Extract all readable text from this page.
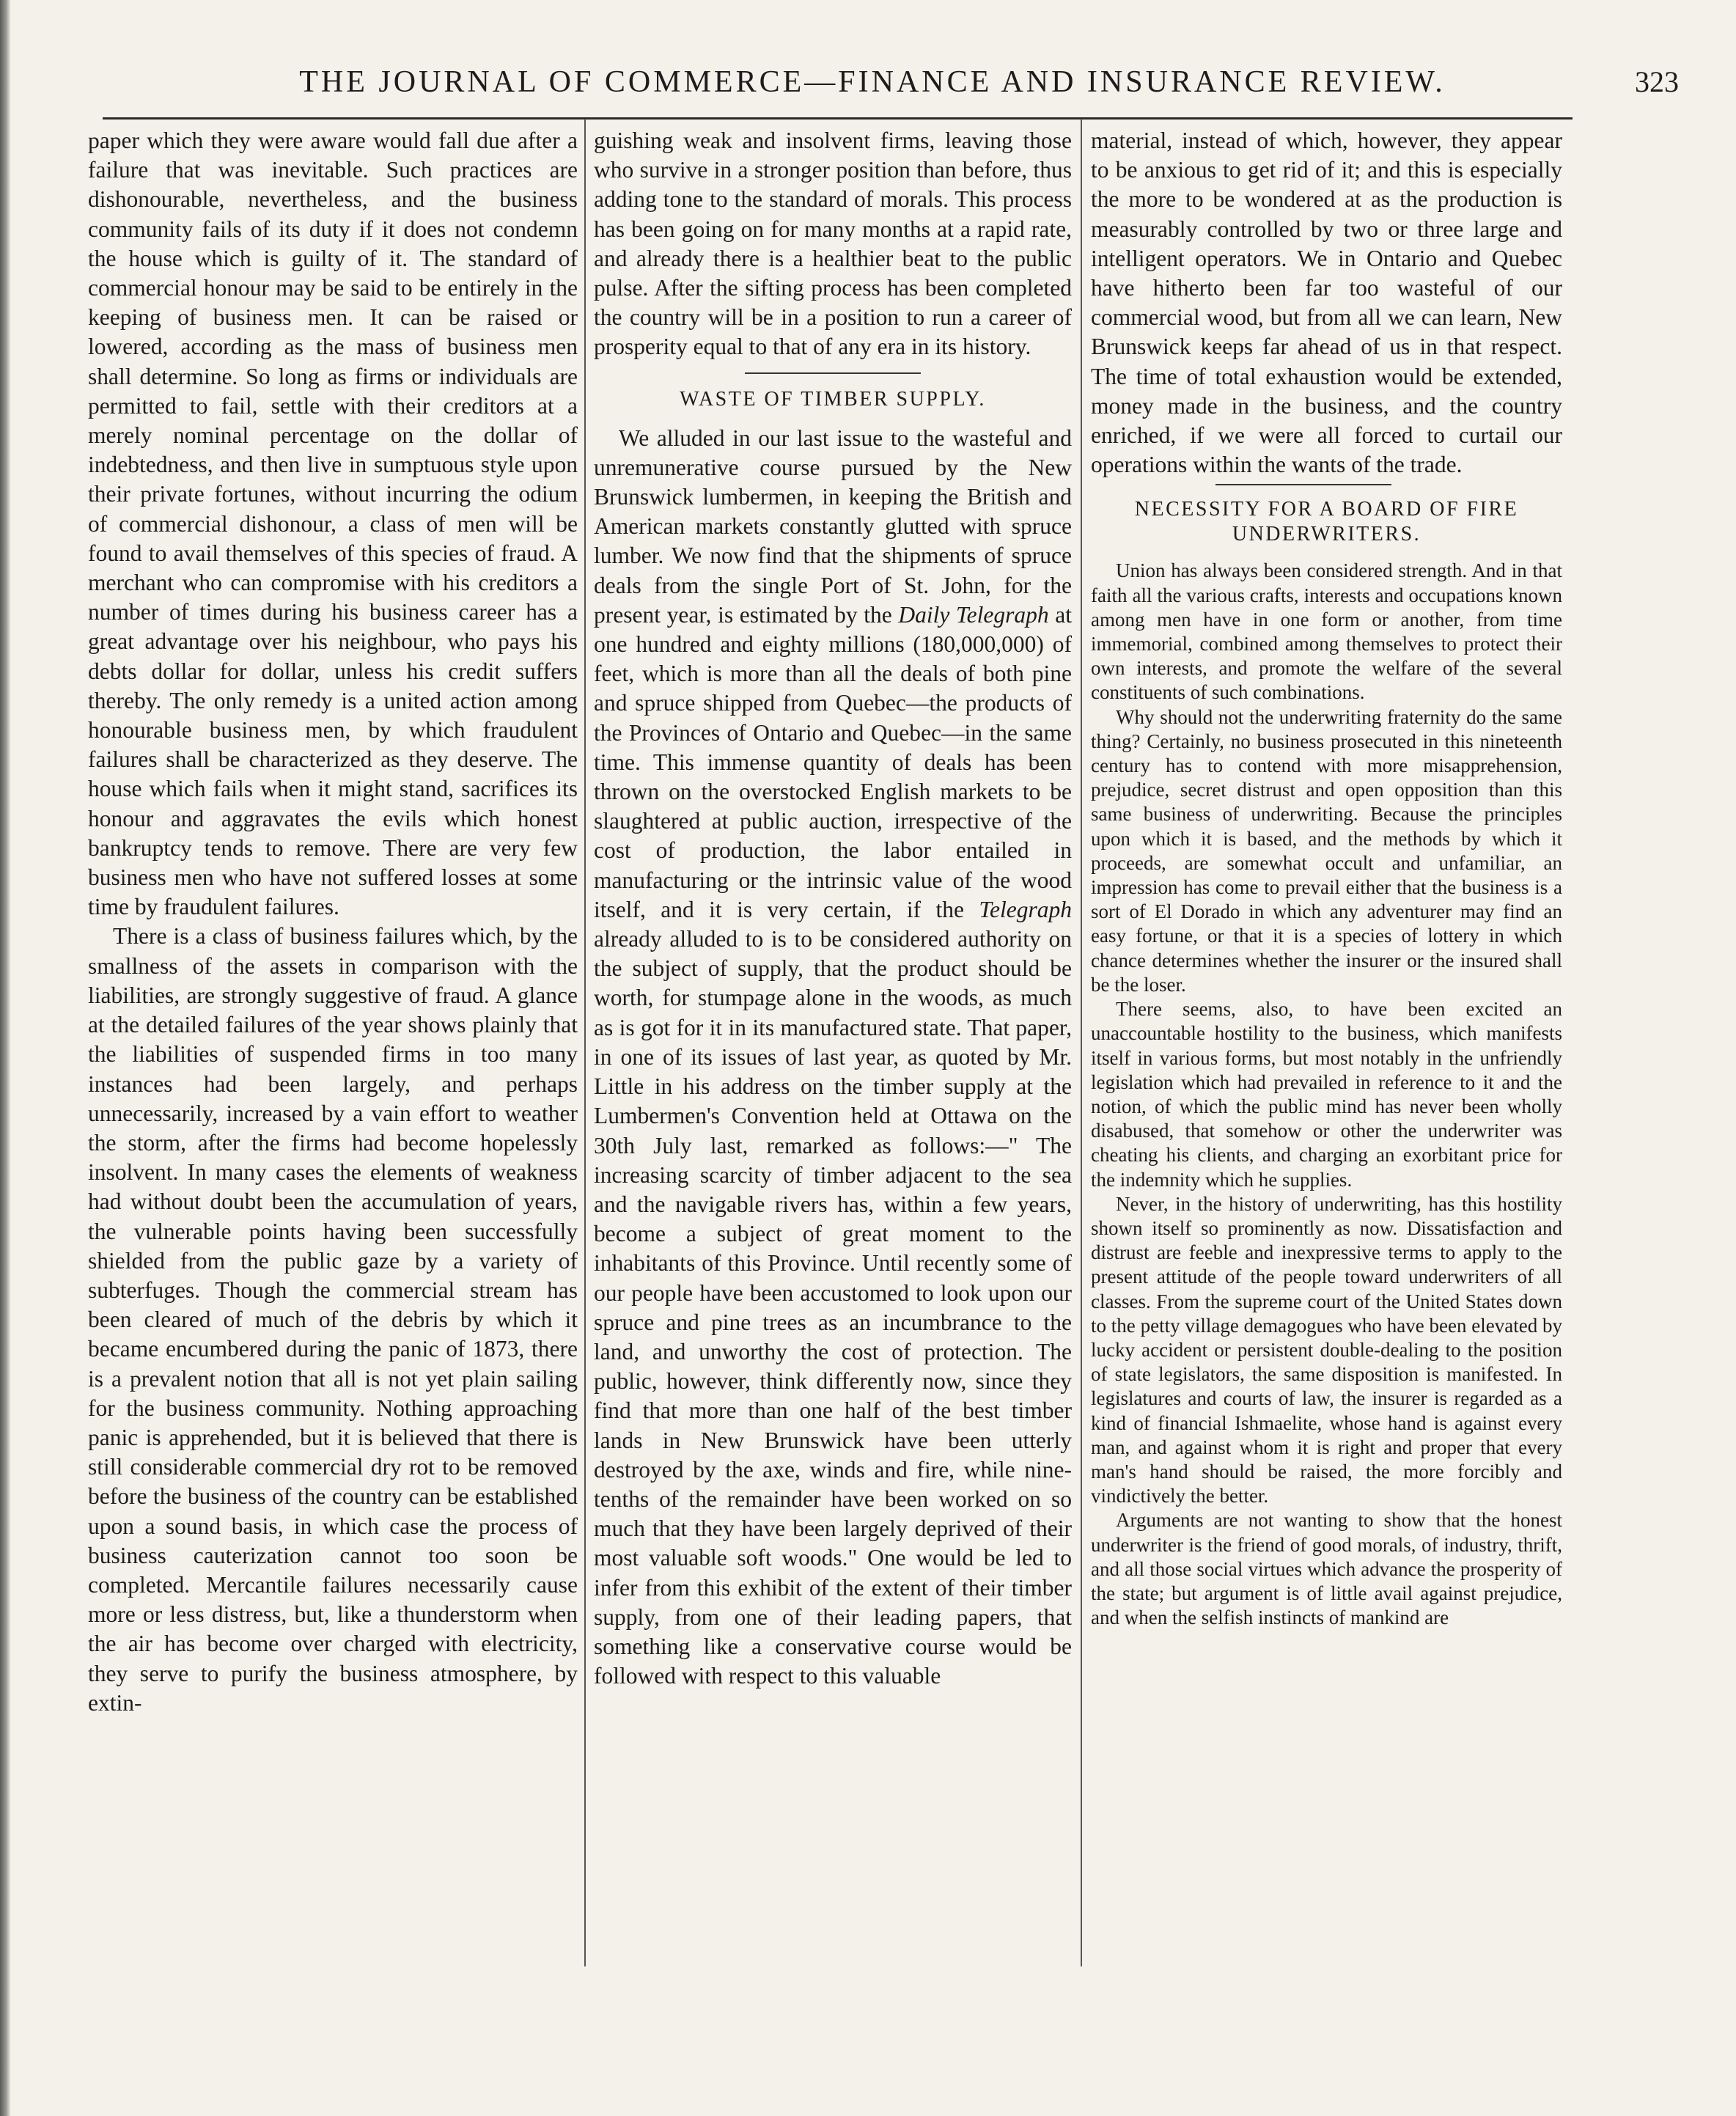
THE JOURNAL OF COMMERCE—FINANCE AND INSURANCE REVIEW.	323

paper which they were aware would fall due after a failure that was inevitable. Such practices are dishonourable, nevertheless, and the business community fails of its duty if it does not condemn the house which is guilty of it. The standard of commercial honour may be said to be entirely in the keeping of business men. It can be raised or lowered, according as the mass of business men shall determine. So long as firms or individuals are permitted to fail, settle with their creditors at a merely nominal percentage on the dollar of indebtedness, and then live in sumptuous style upon their private fortunes, without incurring the odium of commercial dishonour, a class of men will be found to avail themselves of this species of fraud. A merchant who can compromise with his creditors a number of times during his business career has a great advantage over his neighbour, who pays his debts dollar for dollar, unless his credit suffers thereby. The only remedy is a united action among honourable business men, by which fraudulent failures shall be characterized as they deserve. The house which fails when it might stand, sacrifices its honour and aggravates the evils which honest bankruptcy tends to remove. There are very few business men who have not suffered losses at some time by fraudulent failures.

There is a class of business failures which, by the smallness of the assets in comparison with the liabilities, are strongly suggestive of fraud. A glance at the detailed failures of the year shows plainly that the liabilities of suspended firms in too many instances had been largely, and perhaps unnecessarily, increased by a vain effort to weather the storm, after the firms had become hopelessly insolvent. In many cases the elements of weakness had without doubt been the accumulation of years, the vulnerable points having been successfully shielded from the public gaze by a variety of subterfuges. Though the commercial stream has been cleared of much of the debris by which it became encumbered during the panic of 1873, there is a prevalent notion that all is not yet plain sailing for the business community. Nothing approaching panic is apprehended, but it is believed that there is still considerable commercial dry rot to be removed before the business of the country can be established upon a sound basis, in which case the process of business cauterization cannot too soon be completed. Mercantile failures necessarily cause more or less distress, but, like a thunderstorm when the air has become over charged with electricity, they serve to purify the business atmosphere, by extin-

guishing weak and insolvent firms, leaving those who survive in a stronger position than before, thus adding tone to the standard of morals. This process has been going on for many months at a rapid rate, and already there is a healthier beat to the public pulse. After the sifting process has been completed the country will be in a position to run a career of prosperity equal to that of any era in its history.

WASTE OF TIMBER SUPPLY.

We alluded in our last issue to the wasteful and unremunerative course pursued by the New Brunswick lumbermen, in keeping the British and American markets constantly glutted with spruce lumber. We now find that the shipments of spruce deals from the single Port of St. John, for the present year, is estimated by the Daily Telegraph at one hundred and eighty millions (180,000,000) of feet, which is more than all the deals of both pine and spruce shipped from Quebec—the products of the Provinces of Ontario and Quebec—in the same time. This immense quantity of deals has been thrown on the overstocked English markets to be slaughtered at public auction, irrespective of the cost of production, the labor entailed in manufacturing or the intrinsic value of the wood itself, and it is very certain, if the Telegraph already alluded to is to be considered authority on the subject of supply, that the product should be worth, for stumpage alone in the woods, as much as is got for it in its manufactured state. That paper, in one of its issues of last year, as quoted by Mr. Little in his address on the timber supply at the Lumbermen's Convention held at Ottawa on the 30th July last, remarked as follows:—" The increasing scarcity of timber adjacent to the sea and the navigable rivers has, within a few years, become a subject of great moment to the inhabitants of this Province. Until recently some of our people have been accustomed to look upon our spruce and pine trees as an incumbrance to the land, and unworthy the cost of protection. The public, however, think differently now, since they find that more than one half of the best timber lands in New Brunswick have been utterly destroyed by the axe, winds and fire, while nine-tenths of the remainder have been worked on so much that they have been largely deprived of their most valuable soft woods." One would be led to infer from this exhibit of the extent of their timber supply, from one of their leading papers, that something like a conservative course would be followed with respect to this valuable

material, instead of which, however, they appear to be anxious to get rid of it; and this is especially the more to be wondered at as the production is measurably controlled by two or three large and intelligent operators. We in Ontario and Quebec have hitherto been far too wasteful of our commercial wood, but from all we can learn, New Brunswick keeps far ahead of us in that respect. The time of total exhaustion would be extended, money made in the business, and the country enriched, if we were all forced to curtail our operations within the wants of the trade.

NECESSITY FOR A BOARD OF FIRE UNDERWRITERS.

Union has always been considered strength. And in that faith all the various crafts, interests and occupations known among men have in one form or another, from time immemorial, combined among themselves to protect their own interests, and promote the welfare of the several constituents of such combinations.

Why should not the underwriting fraternity do the same thing? Certainly, no business prosecuted in this nineteenth century has to contend with more misapprehension, prejudice, secret distrust and open opposition than this same business of underwriting. Because the principles upon which it is based, and the methods by which it proceeds, are somewhat occult and unfamiliar, an impression has come to prevail either that the business is a sort of El Dorado in which any adventurer may find an easy fortune, or that it is a species of lottery in which chance determines whether the insurer or the insured shall be the loser.

There seems, also, to have been excited an unaccountable hostility to the business, which manifests itself in various forms, but most notably in the unfriendly legislation which had prevailed in reference to it and the notion, of which the public mind has never been wholly disabused, that somehow or other the underwriter was cheating his clients, and charging an exorbitant price for the indemnity which he supplies.

Never, in the history of underwriting, has this hostility shown itself so prominently as now. Dissatisfaction and distrust are feeble and inexpressive terms to apply to the present attitude of the people toward underwriters of all classes. From the supreme court of the United States down to the petty village demagogues who have been elevated by lucky accident or persistent double-dealing to the position of state legislators, the same disposition is manifested. In legislatures and courts of law, the insurer is regarded as a kind of financial Ishmaelite, whose hand is against every man, and against whom it is right and proper that every man's hand should be raised, the more forcibly and vindictively the better.

Arguments are not wanting to show that the honest underwriter is the friend of good morals, of industry, thrift, and all those social virtues which advance the prosperity of the state; but argument is of little avail against prejudice, and when the selfish instincts of mankind are
